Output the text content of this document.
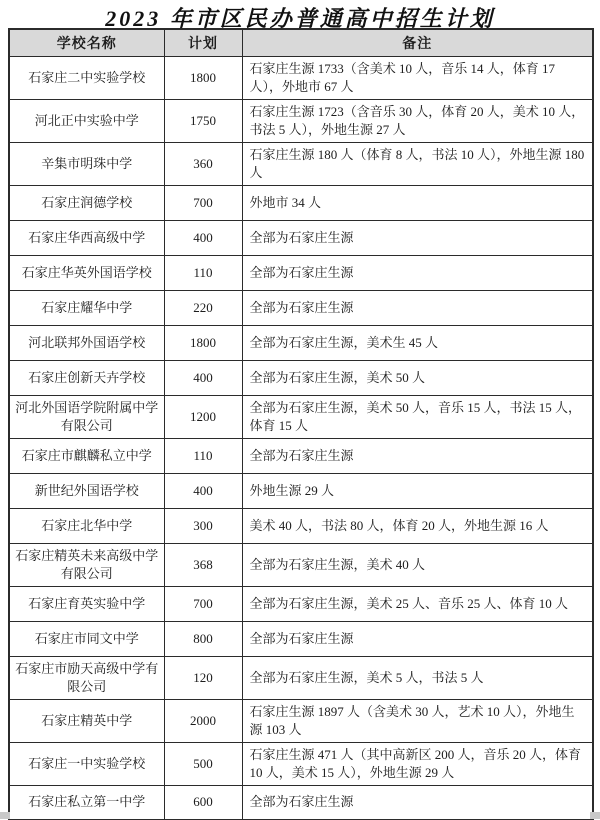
2023 年市区民办普通高中招生计划
学校名称	计划	备注
石家庄二中实验学校	1800	石家庄生源 1733（含美术 10 人，音乐 14 人，体育 17 人），外地市 67 人
河北正中实验中学	1750	石家庄生源 1723（含音乐 30 人，体育 20 人，美术 10 人，书法 5 人），外地生源 27 人
辛集市明珠中学	360	石家庄生源 180 人（体育 8 人，书法 10 人），外地生源 180 人
石家庄润德学校	700	外地市 34 人
石家庄华西高级中学	400	全部为石家庄生源
石家庄华英外国语学校	110	全部为石家庄生源
石家庄耀华中学	220	全部为石家庄生源
河北联邦外国语学校	1800	全部为石家庄生源，美术生 45 人
石家庄创新天卉学校	400	全部为石家庄生源，美术 50 人
河北外国语学院附属中学有限公司	1200	全部为石家庄生源，美术 50 人，音乐 15 人，书法 15 人，体育 15 人
石家庄市麒麟私立中学	110	全部为石家庄生源
新世纪外国语学校	400	外地生源 29 人
石家庄北华中学	300	美术 40 人，书法 80 人，体育 20 人，外地生源 16 人
石家庄精英未来高级中学有限公司	368	全部为石家庄生源，美术 40 人
石家庄育英实验中学	700	全部为石家庄生源，美术 25 人、音乐 25 人、体育 10 人
石家庄市同文中学	800	全部为石家庄生源
石家庄市励天高级中学有限公司	120	全部为石家庄生源，美术 5 人，书法 5 人
石家庄精英中学	2000	石家庄生源 1897 人（含美术 30 人，艺术 10 人），外地生源 103 人
石家庄一中实验学校	500	石家庄生源 471 人（其中高新区 200 人，音乐 20 人，体育 10 人，美术 15 人），外地生源 29 人
石家庄私立第一中学	600	全部为石家庄生源
